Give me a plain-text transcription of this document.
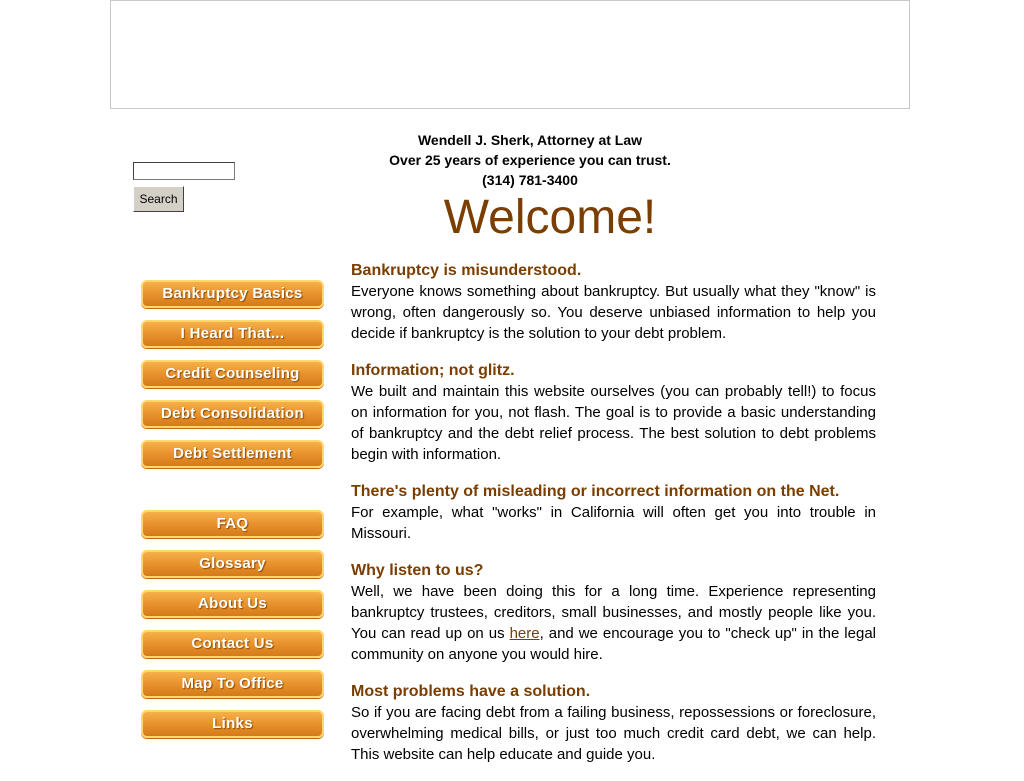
Search
Wendell J. Sherk, Attorney at Law
Over 25 years of experience you can trust.
(314) 781-3400
Welcome!
Bankruptcy Basics
I Heard That...
Credit Counseling
Debt Consolidation
Debt Settlement
FAQ
Glossary
About Us
Contact Us
Map To Office
Links
Bankruptcy is misunderstood.

Everyone knows something about bankruptcy. But usually what they "know" is wrong, often dangerously so. You deserve unbiased information to help you decide if bankruptcy is the solution to your debt problem.

Information; not glitz.

We built and maintain this website ourselves (you can probably tell!) to focus on information for you, not flash. The goal is to provide a basic understanding of bankruptcy and the debt relief process. The best solution to debt problems begin with information.

There's plenty of misleading or incorrect information on the Net.

For example, what "works" in California will often get you into trouble in Missouri.

Why listen to us?

Well, we have been doing this for a long time. Experience representing bankruptcy trustees, creditors, small businesses, and mostly people like you. You can read up on us here, and we encourage you to "check up" in the legal community on anyone you would hire.

Most problems have a solution.

So if you are facing debt from a failing business, repossessions or foreclosure, overwhelming medical bills, or just too much credit card debt, we can help. This website can help educate and guide you.
